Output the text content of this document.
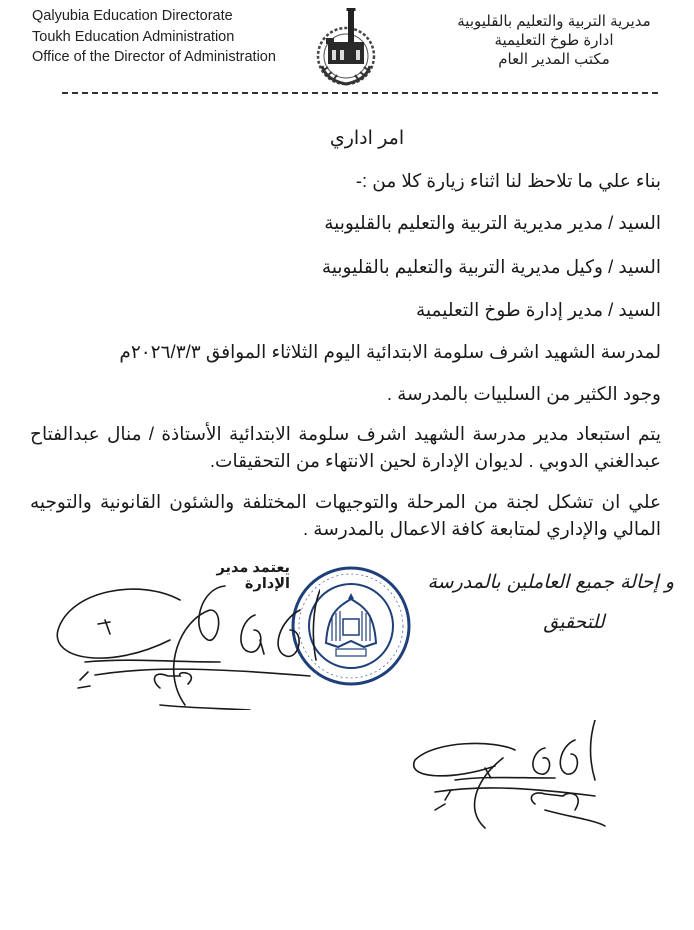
Qalyubia Education Directorate
Toukh Education Administration
Office of the Director of Administration
مديرية التربية والتعليم بالقليوبية
ادارة طوخ التعليمية
مكتب المدير العام
امر اداري
بناء علي ما تلاحظ لنا اثناء زيارة كلا من :-
السيد / مدير مديرية التربية والتعليم بالقليوبية
السيد / وكيل مديرية التربية والتعليم بالقليوبية
السيد / مدير إدارة طوخ التعليمية
لمدرسة الشهيد اشرف سلومة الابتدائية اليوم الثلاثاء الموافق ٢٠٢٦/٣/٣م
وجود الكثير من السلبيات بالمدرسة .
يتم استبعاد مدير مدرسة الشهيد اشرف سلومة الابتدائية الأستاذة / منال عبدالفتاح عبدالغني الدوبي . لديوان الإدارة لحين الانتهاء من التحقيقات.
علي ان تشكل لجنة من المرحلة والتوجيهات المختلفة والشئون القانونية والتوجيه المالي والإداري لمتابعة كافة الاعمال بالمدرسة .
يعتمد مدير الإدارة	و إحالة جميع العاملين بالمدرسة
للتحقيق
